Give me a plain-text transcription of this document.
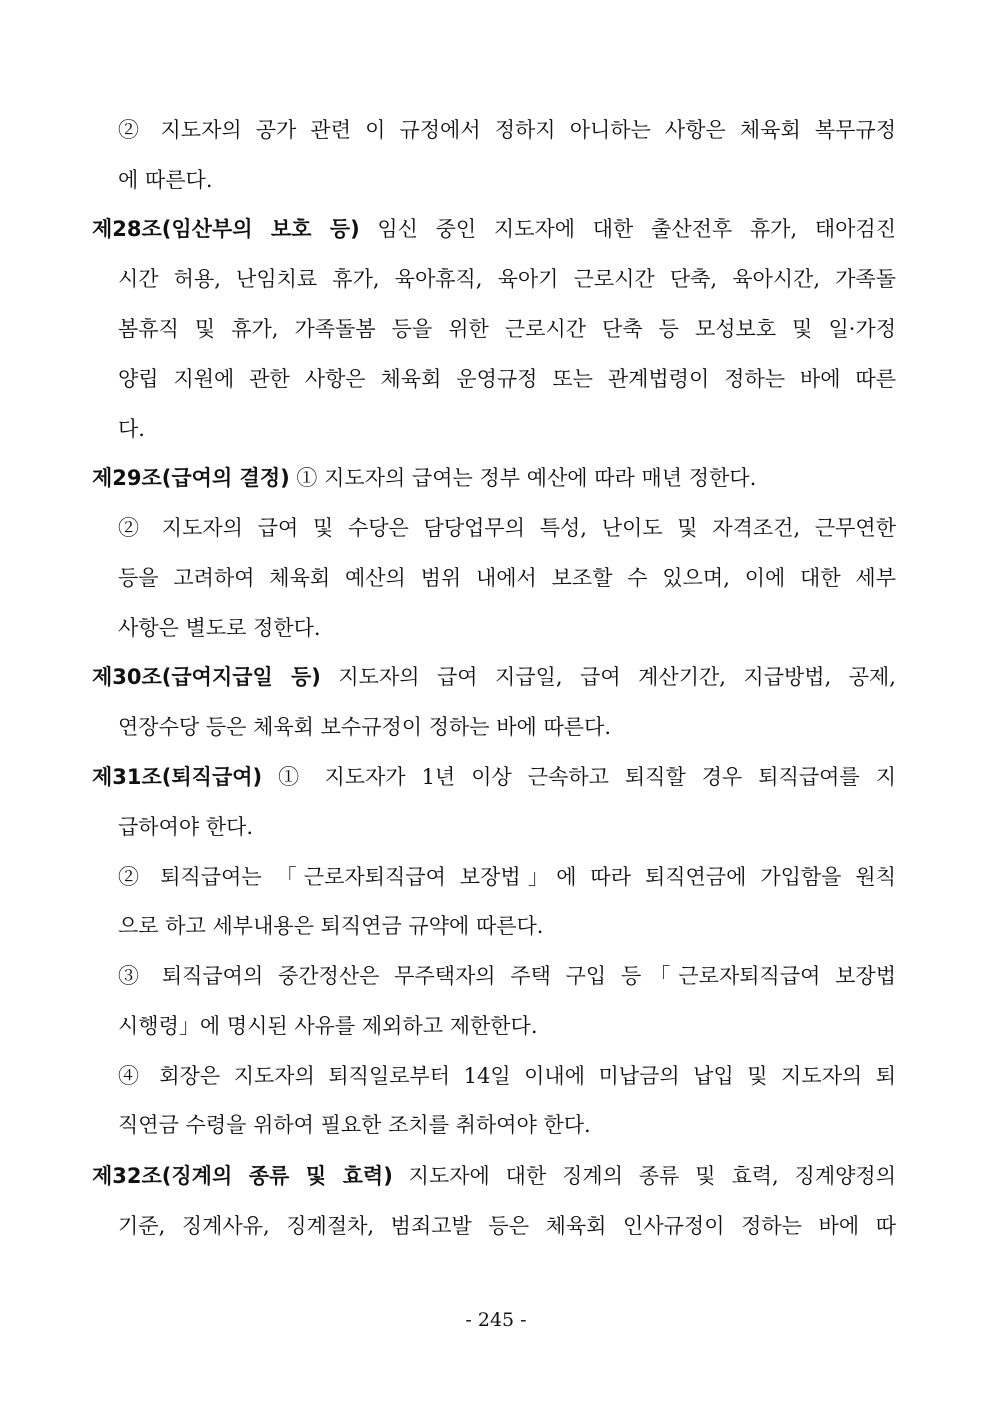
② 지도자의 공가 관련 이 규정에서 정하지 아니하는 사항은 체육회 복무규정
에 따른다.
제28조(임산부의 보호 등) 임신 중인 지도자에 대한 출산전후 휴가, 태아검진
시간 허용, 난임치료 휴가, 육아휴직, 육아기 근로시간 단축, 육아시간, 가족돌
봄휴직 및 휴가, 가족돌봄 등을 위한 근로시간 단축 등 모성보호 및 일·가정
양립 지원에 관한 사항은 체육회 운영규정 또는 관계법령이 정하는 바에 따른
다.
제29조(급여의 결정) ① 지도자의 급여는 정부 예산에 따라 매년 정한다.
② 지도자의 급여 및 수당은 담당업무의 특성, 난이도 및 자격조건, 근무연한
등을 고려하여 체육회 예산의 범위 내에서 보조할 수 있으며, 이에 대한 세부
사항은 별도로 정한다.
제30조(급여지급일 등) 지도자의 급여 지급일, 급여 계산기간, 지급방법, 공제,
연장수당 등은 체육회 보수규정이 정하는 바에 따른다.
제31조(퇴직급여) ① 지도자가 1년 이상 근속하고 퇴직할 경우 퇴직급여를 지
급하여야 한다.
② 퇴직급여는 「근로자퇴직급여 보장법」에 따라 퇴직연금에 가입함을 원칙
으로 하고 세부내용은 퇴직연금 규약에 따른다.
③ 퇴직급여의 중간정산은 무주택자의 주택 구입 등「근로자퇴직급여 보장법
시행령」에 명시된 사유를 제외하고 제한한다.
④ 회장은 지도자의 퇴직일로부터 14일 이내에 미납금의 납입 및 지도자의 퇴
직연금 수령을 위하여 필요한 조치를 취하여야 한다.
제32조(징계의 종류 및 효력) 지도자에 대한 징계의 종류 및 효력, 징계양정의
기준, 징계사유, 징계절차, 범죄고발 등은 체육회 인사규정이 정하는 바에 따
- 245 -
